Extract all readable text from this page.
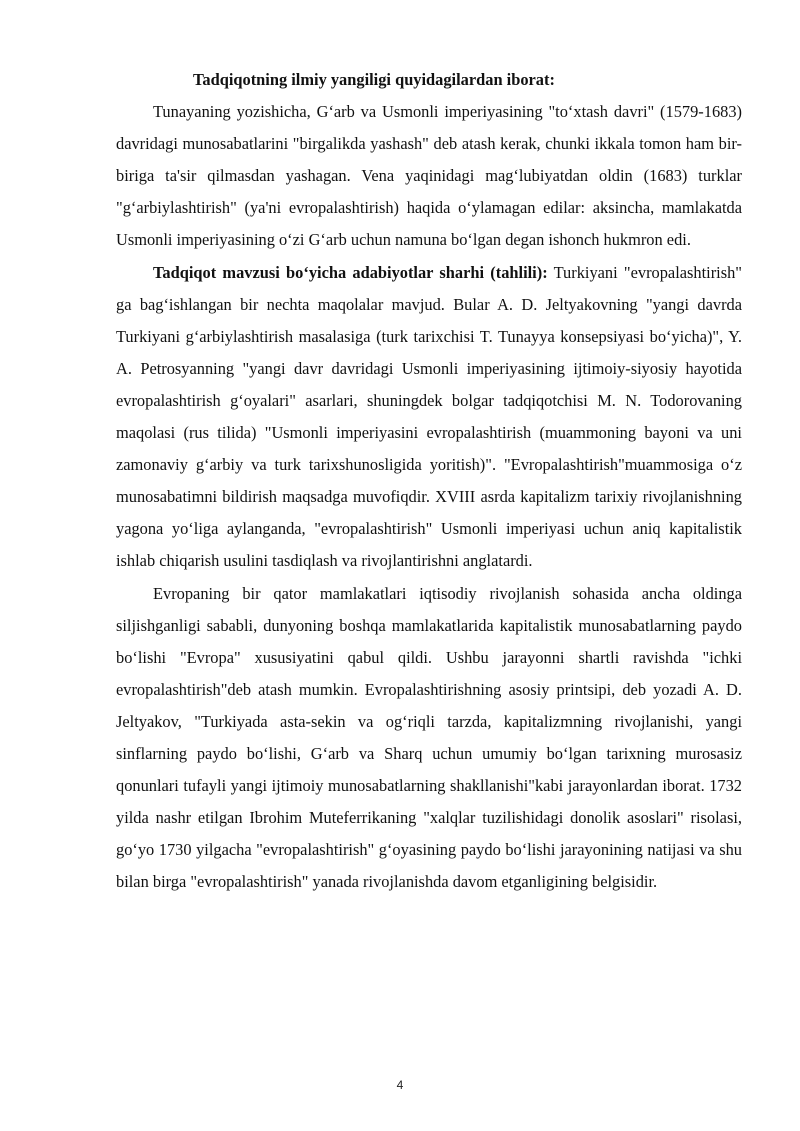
Tadqiqotning ilmiy yangiligi quyidagilardan iborat:

Tunayaning yozishicha, G‘arb va Usmonli imperiyasining "to‘xtash davri" (1579-1683) davridagi munosabatlarini "birgalikda yashash" deb atash kerak, chunki ikkala tomon ham bir-biriga ta'sir qilmasdan yashagan. Vena yaqinidagi mag‘lubiyatdan oldin (1683) turklar "g‘arbiylashtirish" (ya'ni evropalashtirish) haqida o‘ylamagan edilar: aksincha, mamlakatda Usmonli imperiyasining o‘zi G‘arb uchun namuna bo‘lgan degan ishonch hukmron edi.

Tadqiqot mavzusi bo‘yicha adabiyotlar sharhi (tahlili): Turkiyani "evropalashtirish" ga bag‘ishlangan bir nechta maqolalar mavjud. Bular A. D. Jeltyakovning "yangi davrda Turkiyani g‘arbiylashtirish masalasiga (turk tarixchisi T. Tunayya konsepsiyasi bo‘yicha)", Y. A. Petrosyanning "yangi davr davridagi Usmonli imperiyasining ijtimoiy-siyosiy hayotida evropalashtirish g‘oyalari" asarlari, shuningdek bolgar tadqiqotchisi M. N. Todorovaning maqolasi (rus tilida) "Usmonli imperiyasini evropalashtirish (muammoning bayoni va uni zamonaviy g‘arbiy va turk tarixshunosligida yoritish)". "Evropalashtirish"muammosiga o‘z munosabatimni bildirish maqsadga muvofiqdir. XVIII asrda kapitalizm tarixiy rivojlanishning yagona yo‘liga aylanganda, "evropalashtirish" Usmonli imperiyasi uchun aniq kapitalistik ishlab chiqarish usulini tasdiqlash va rivojlantirishni anglatardi.

Evropaning bir qator mamlakatlari iqtisodiy rivojlanish sohasida ancha oldinga siljishganligi sababli, dunyoning boshqa mamlakatlarida kapitalistik munosabatlarning paydo bo‘lishi "Evropa" xususiyatini qabul qildi. Ushbu jarayonni shartli ravishda "ichki evropalashtirish"deb atash mumkin. Evropalashtirishning asosiy printsipi, deb yozadi A. D. Jeltyakov, "Turkiyada asta-sekin va og‘riqli tarzda, kapitalizmning rivojlanishi, yangi sinflarning paydo bo‘lishi, G‘arb va Sharq uchun umumiy bo‘lgan tarixning murosasiz qonunlari tufayli yangi ijtimoiy munosabatlarning shakllanishi"kabi jarayonlardan iborat. 1732 yilda nashr etilgan Ibrohim Muteferrikaning "xalqlar tuzilishidagi donolik asoslari" risolasi, go‘yo 1730 yilgacha "evropalashtirish" g‘oyasining paydo bo‘lishi jarayonining natijasi va shu bilan birga "evropalashtirish" yanada rivojlanishda davom etganligining belgisidir.

4
